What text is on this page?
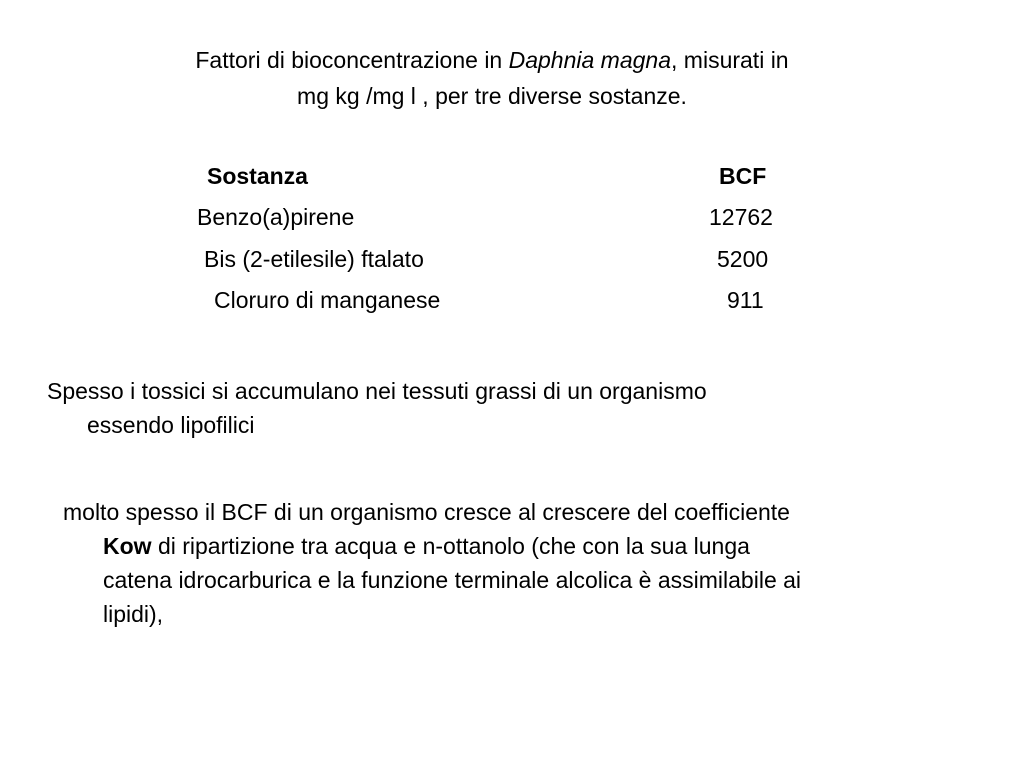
Fattori di bioconcentrazione in Daphnia magna, misurati in
mg kg /mg l , per tre diverse sostanze.
Sostanza	BCF
Benzo(a)pirene	12762
Bis (2-etilesile) ftalato	5200
Cloruro di manganese	911
Spesso i tossici si accumulano nei tessuti grassi di un organismo
essendo lipofilici
molto spesso il BCF di un organismo cresce al crescere del coefficiente
Kow di ripartizione tra acqua e n-ottanolo (che con la sua lunga
catena idrocarburica e la funzione terminale alcolica è assimilabile ai
lipidi),
